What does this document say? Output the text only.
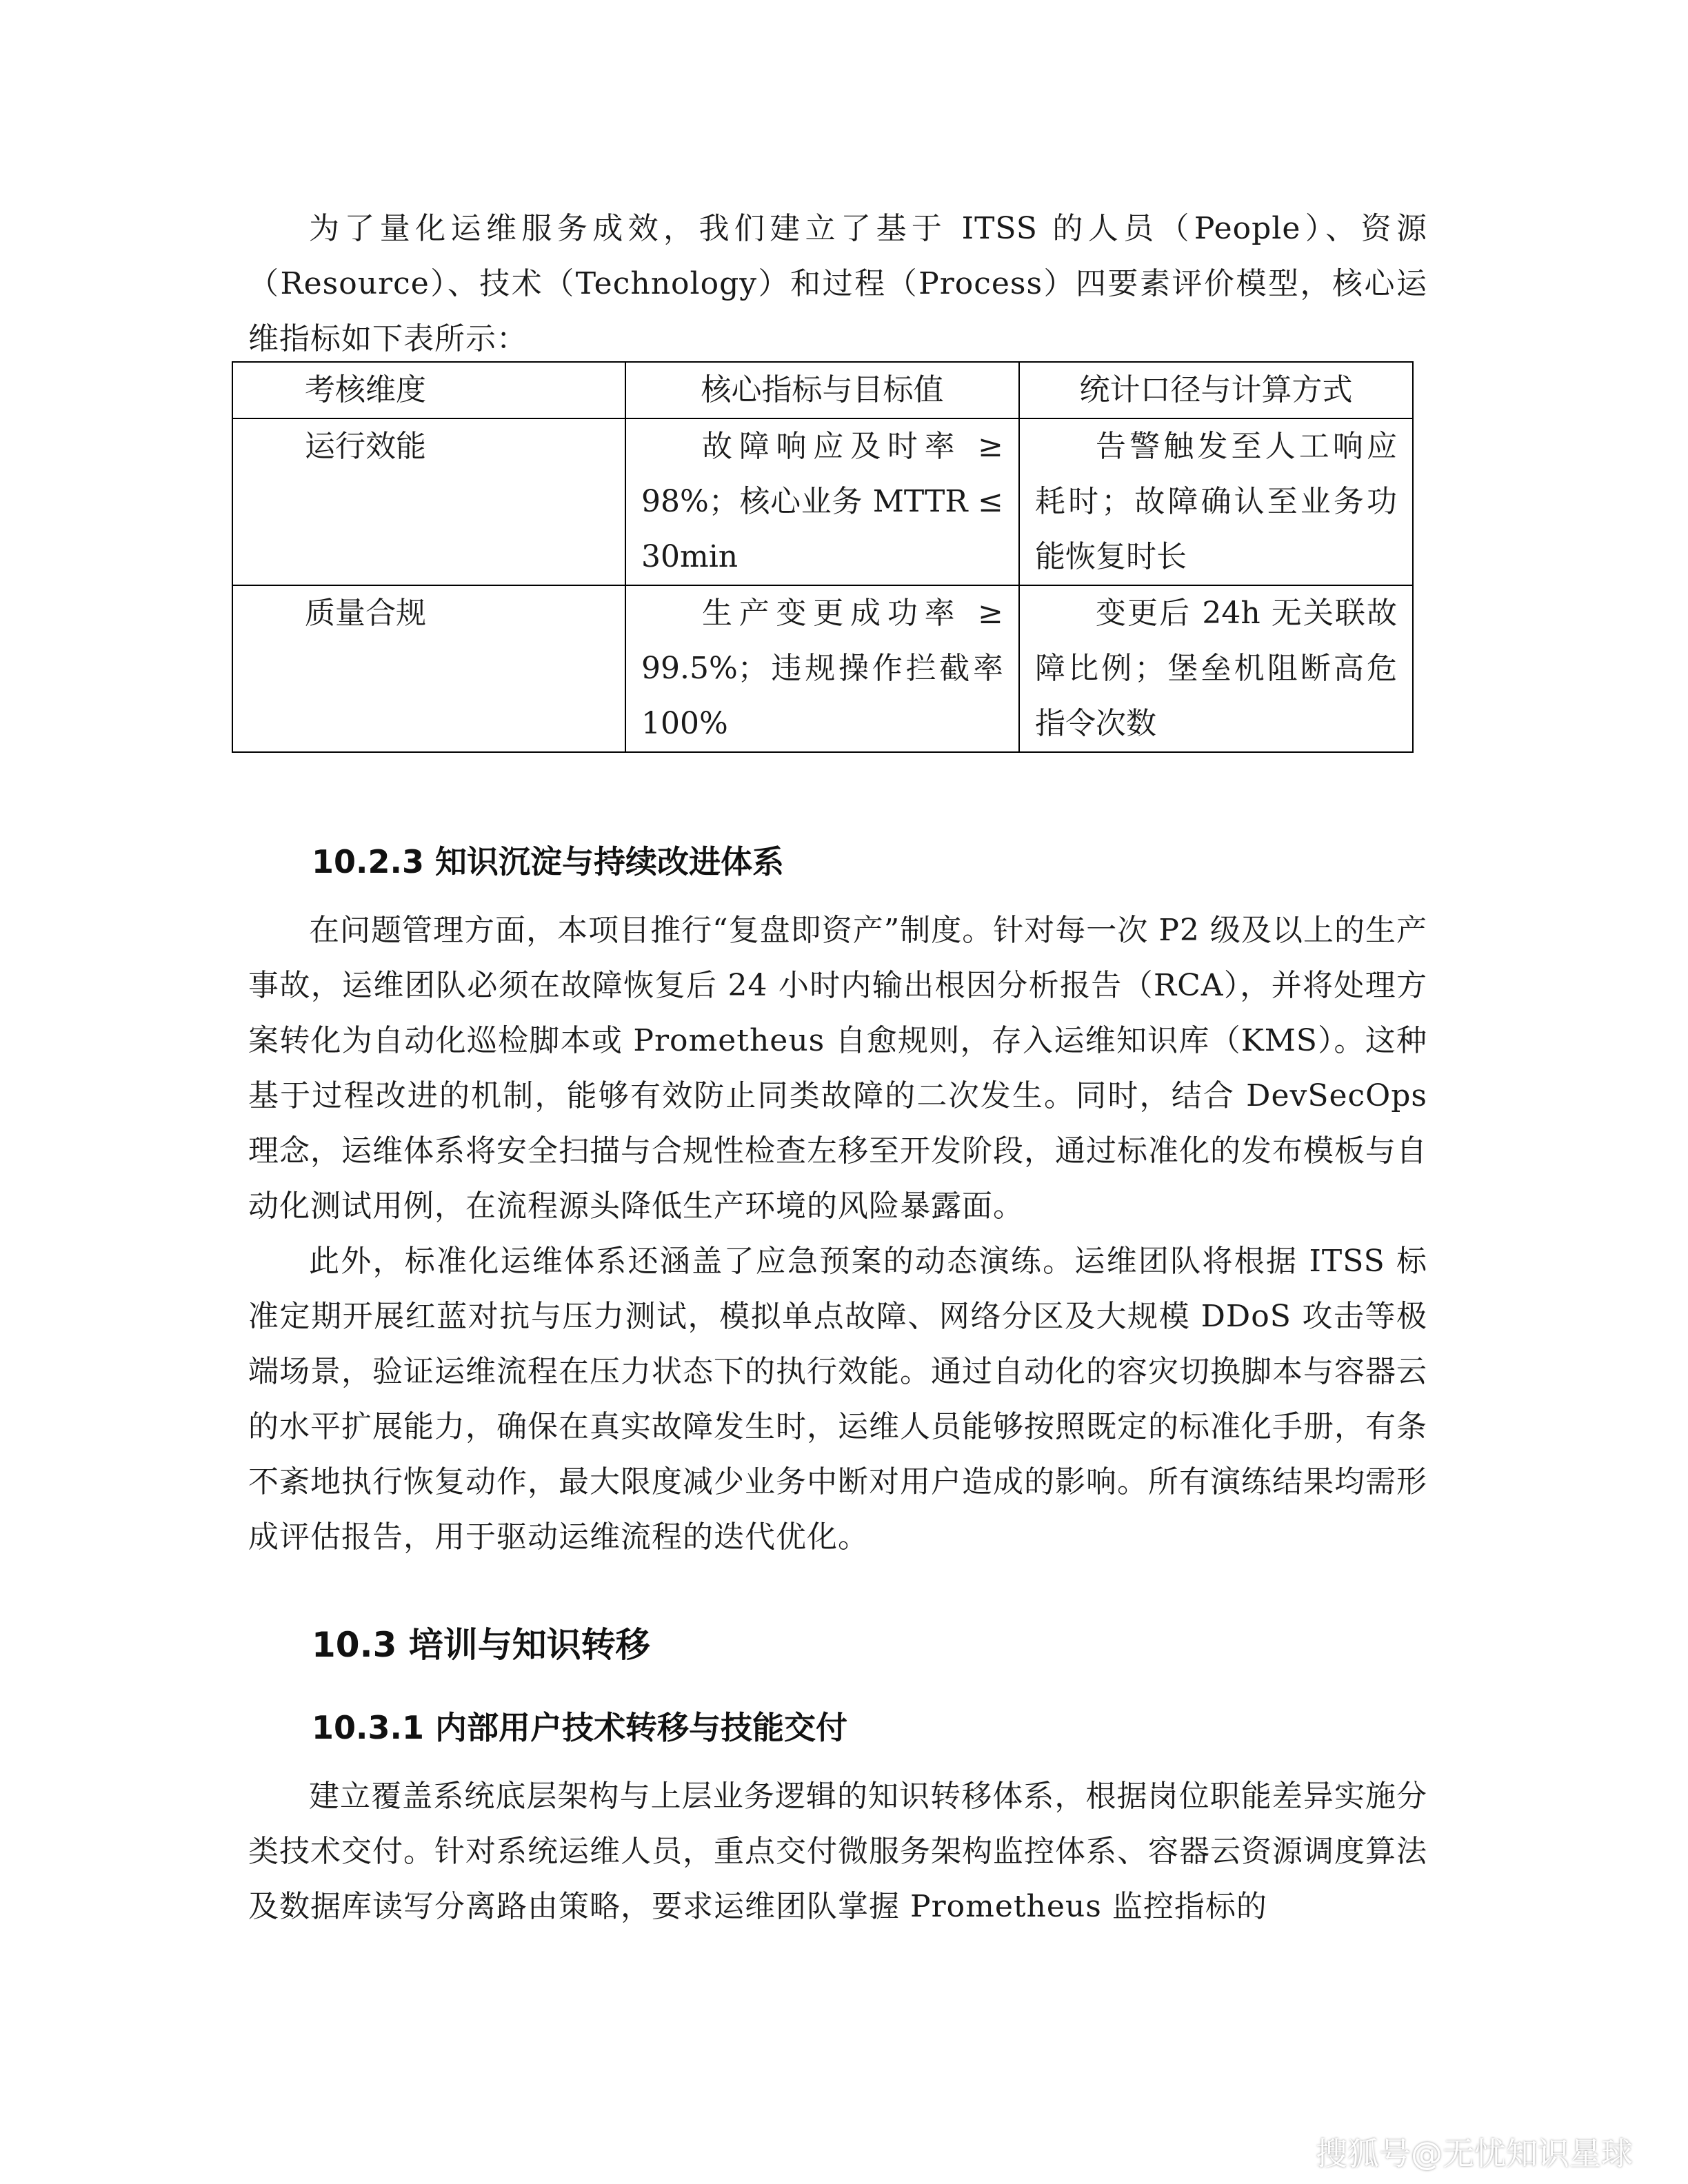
为了量化运维服务成效，我们建立了基于 ITSS 的人员（People）、资源（Resource）、技术（Technology）和过程（Process）四要素评价模型，核心运维指标如下表所示：

考核维度	核心指标与目标值	统计口径与计算方式
运行效能	故障响应及时率 ≥ 98%；核心业务 MTTR ≤ 30min	告警触发至人工响应耗时；故障确认至业务功能恢复时长
质量合规	生产变更成功率 ≥ 99.5%；违规操作拦截率 100%	变更后 24h 无关联故障比例；堡垒机阻断高危指令次数
10.2.3 知识沉淀与持续改进体系

在问题管理方面，本项目推行“复盘即资产”制度。针对每一次 P2 级及以上的生产事故，运维团队必须在故障恢复后 24 小时内输出根因分析报告（RCA），并将处理方案转化为自动化巡检脚本或 Prometheus 自愈规则，存入运维知识库（KMS）。这种基于过程改进的机制，能够有效防止同类故障的二次发生。同时，结合 DevSecOps 理念，运维体系将安全扫描与合规性检查左移至开发阶段，通过标准化的发布模板与自动化测试用例，在流程源头降低生产环境的风险暴露面。

此外，标准化运维体系还涵盖了应急预案的动态演练。运维团队将根据 ITSS 标准定期开展红蓝对抗与压力测试，模拟单点故障、网络分区及大规模 DDoS 攻击等极端场景，验证运维流程在压力状态下的执行效能。通过自动化的容灾切换脚本与容器云的水平扩展能力，确保在真实故障发生时，运维人员能够按照既定的标准化手册，有条不紊地执行恢复动作，最大限度减少业务中断对用户造成的影响。所有演练结果均需形成评估报告，用于驱动运维流程的迭代优化。

10.3 培训与知识转移
10.3.1 内部用户技术转移与技能交付

建立覆盖系统底层架构与上层业务逻辑的知识转移体系，根据岗位职能差异实施分类技术交付。针对系统运维人员，重点交付微服务架构监控体系、容器云资源调度算法及数据库读写分离路由策略，要求运维团队掌握 Prometheus 监控指标的

搜狐号@无忧知识星球
